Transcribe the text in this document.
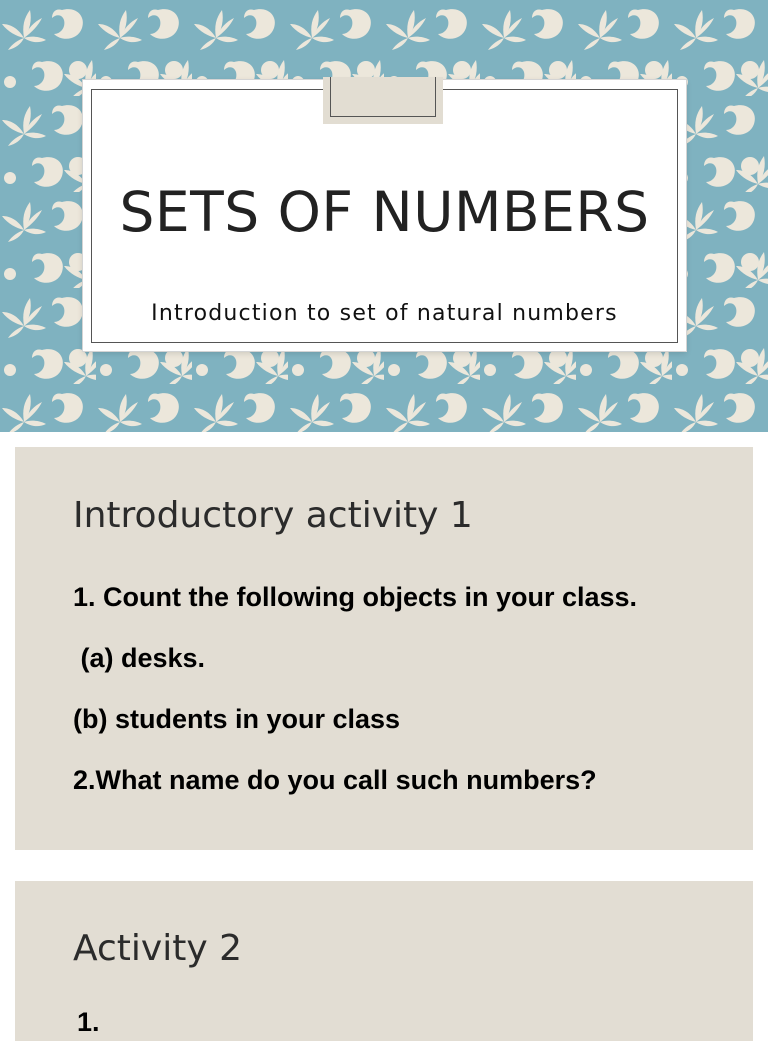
SETS OF NUMBERS
Introduction to set of natural numbers
Introductory activity 1
1. Count the following objects in your class.
(a) desks.
(b) students in your class
2.What name do you call such numbers?
Activity 2
1.
